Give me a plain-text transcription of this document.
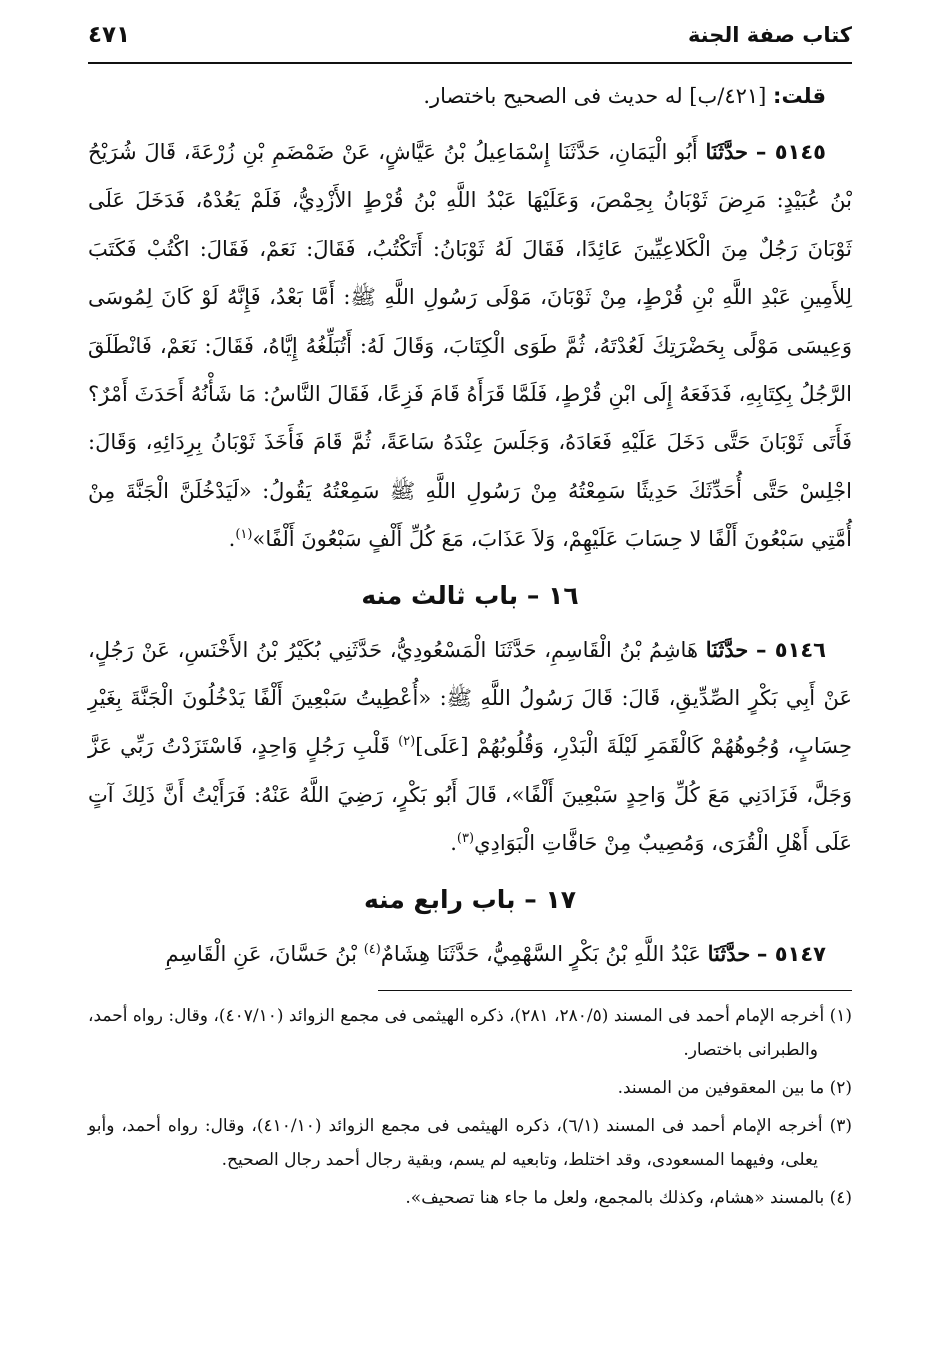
كتاب صفة الجنة
٤٧١

قلت: [٤٢١/ب] له حديث فى الصحيح باختصار.

٥١٤٥ – حدَّثَنَا أَبُو الْيَمَانِ، حَدَّثَنَا إِسْمَاعِيلُ بْنُ عَيَّاشٍ، عَنْ ضَمْضَمِ بْنِ زُرْعَةَ، قَالَ شُرَيْحُ بْنُ عُبَيْدٍ: مَرِضَ ثَوْبَانُ بِحِمْصَ، وَعَلَيْهَا عَبْدُ اللَّهِ بْنُ قُرْطٍ الأَزْدِيُّ، فَلَمْ يَعُدْهُ، فَدَخَلَ عَلَى ثَوْبَانَ رَجُلٌ مِنَ الْكَلاعِيِّينَ عَائِدًا، فَقَالَ لَهُ ثَوْبَانُ: أَتَكْتُبُ، فَقَالَ: نَعَمْ، فَقَالَ: اكْتُبْ فَكَتَبَ لِلأَمِينِ عَبْدِ اللَّهِ بْنِ قُرْطٍ، مِنْ ثَوْبَانَ، مَوْلَى رَسُولِ اللَّهِ ﷺ: أَمَّا بَعْدُ، فَإِنَّهُ لَوْ كَانَ لِمُوسَى وَعِيسَى مَوْلًى بِحَضْرَتِكَ لَعُدْتَهُ، ثُمَّ طَوَى الْكِتَابَ، وَقَالَ لَهُ: أَتُبَلِّغُهُ إِيَّاهُ، فَقَالَ: نَعَمْ، فَانْطَلَقَ الرَّجُلُ بِكِتَابِهِ، فَدَفَعَهُ إِلَى ابْنِ قُرْطٍ، فَلَمَّا قَرَأَهُ قَامَ فَزِعًا، فَقَالَ النَّاسُ: مَا شَأْنُهُ أَحَدَثَ أَمْرٌ؟ فَأَتَى ثَوْبَانَ حَتَّى دَخَلَ عَلَيْهِ فَعَادَهُ، وَجَلَسَ عِنْدَهُ سَاعَةً، ثُمَّ قَامَ فَأَخَذَ ثَوْبَانُ بِرِدَائِهِ، وَقَالَ: اجْلِسْ حَتَّى أُحَدِّثَكَ حَدِيثًا سَمِعْتُهُ مِنْ رَسُولِ اللَّهِ ﷺ سَمِعْتُهُ يَقُولُ: «لَيَدْخُلَنَّ الْجَنَّةَ مِنْ أُمَّتِي سَبْعُونَ أَلْفًا لا حِسَابَ عَلَيْهِمْ، وَلاَ عَذَابَ، مَعَ كُلِّ أَلْفٍ سَبْعُونَ أَلْفًا»$^{(١)}$.

١٦ – باب ثالث منه

٥١٤٦ – حدَّثَنَا هَاشِمُ بْنُ الْقَاسِمِ، حَدَّثَنَا الْمَسْعُودِيُّ، حَدَّثَنِي بُكَيْرُ بْنُ الأَخْنَسِ، عَنْ رَجُلٍ، عَنْ أَبِي بَكْرٍ الصِّدِّيقِ، قَالَ: قَالَ رَسُولُ اللَّهِ ﷺ: «أُعْطِيتُ سَبْعِينَ أَلْفًا يَدْخُلُونَ الْجَنَّةَ بِغَيْرِ حِسَابٍ، وُجُوهُهُمْ كَالْقَمَرِ لَيْلَةَ الْبَدْرِ، وَقُلُوبُهُمْ [عَلَى]$^{(٢)}$ قَلْبِ رَجُلٍ وَاحِدٍ، فَاسْتَزَدْتُ رَبِّي عَزَّ وَجَلَّ، فَزَادَنِي مَعَ كُلِّ وَاحِدٍ سَبْعِينَ أَلْفًا»، قَالَ أَبُو بَكْرٍ، رَضِيَ اللَّهُ عَنْهُ: فَرَأَيْتُ أَنَّ ذَلِكَ آتٍ عَلَى أَهْلِ الْقُرَى، وَمُصِيبٌ مِنْ حَافَّاتِ الْبَوَادِي$^{(٣)}$.

١٧ – باب رابع منه

٥١٤٧ – حدَّثَنَا عَبْدُ اللَّهِ بْنُ بَكْرٍ السَّهْمِيُّ، حَدَّثَنَا هِشَامٌ$^{(٤)}$ بْنُ حَسَّانَ، عَنِ الْقَاسِمِ

(١) أخرجه الإمام أحمد فى المسند (٢٨٠/٥، ٢٨١)، ذكره الهيثمى فى مجمع الزوائد (٤٠٧/١٠)، وقال: رواه أحمد، والطبرانى باختصار.

(٢) ما بين المعقوفين من المسند.

(٣) أخرجه الإمام أحمد فى المسند (٦/١)، ذكره الهيثمى فى مجمع الزوائد (٤١٠/١٠)، وقال: رواه أحمد، وأبو يعلى، وفيهما المسعودى، وقد اختلط، وتابعيه لم يسم، وبقية رجال أحمد رجال الصحيح.

(٤) بالمسند «هشام، وكذلك بالمجمع، ولعل ما جاء هنا تصحيف».
